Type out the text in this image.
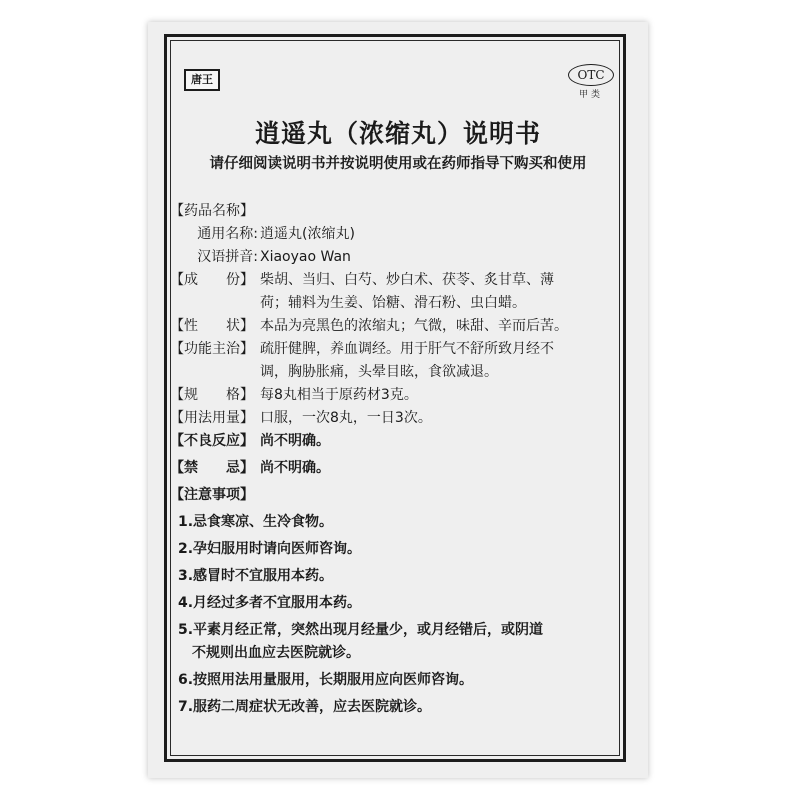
唐王	OTC
甲类
逍遥丸（浓缩丸）说明书
请仔细阅读说明书并按说明使用或在药师指导下购买和使用
【药品名称】
通用名称: 逍遥丸(浓缩丸)
汉语拼音: Xiaoyao Wan
【成　　份】 柴胡、当归、白芍、炒白术、茯苓、炙甘草、薄
荷；辅料为生姜、饴糖、滑石粉、虫白蜡。
【性　　状】 本品为亮黑色的浓缩丸；气微，味甜、辛而后苦。
【功能主治】 疏肝健脾，养血调经。用于肝气不舒所致月经不
调，胸胁胀痛，头晕目眩，食欲减退。
【规　　格】 每8丸相当于原药材3克。
【用法用量】 口服，一次8丸，一日3次。
【不良反应】 尚不明确。
【禁　　忌】 尚不明确。
【注意事项】
1.忌食寒凉、生冷食物。
2.孕妇服用时请向医师咨询。
3.感冒时不宜服用本药。
4.月经过多者不宜服用本药。
5.平素月经正常，突然出现月经量少，或月经错后，或阴道
不规则出血应去医院就诊。
6.按照用法用量服用，长期服用应向医师咨询。
7.服药二周症状无改善，应去医院就诊。
